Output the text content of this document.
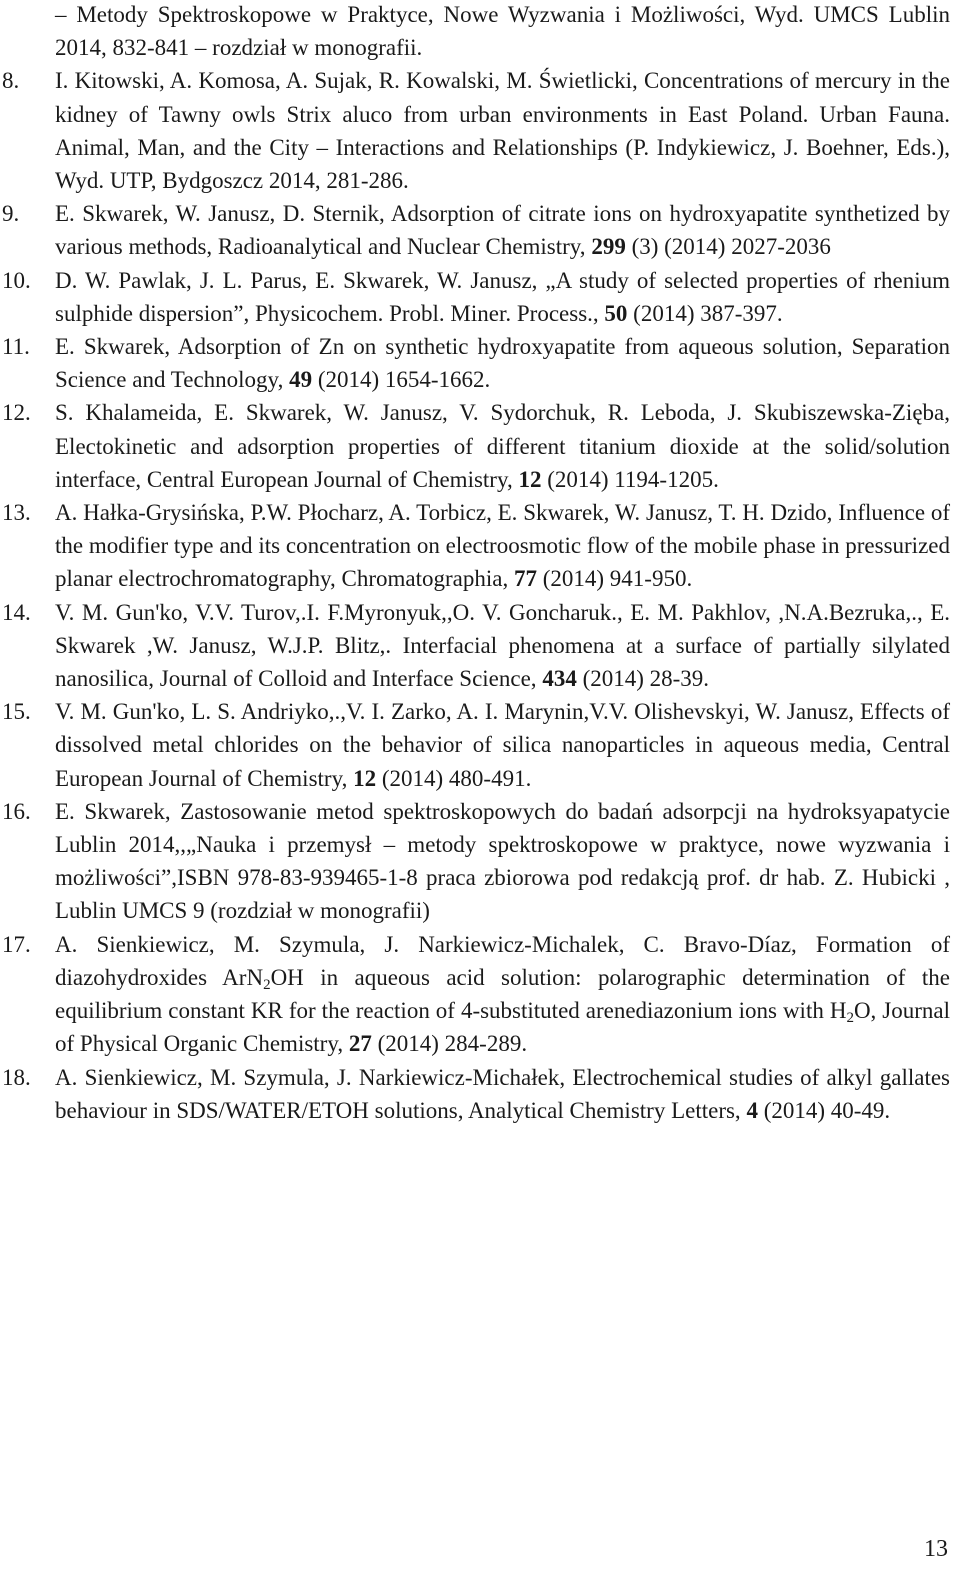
– Metody Spektroskopowe w Praktyce, Nowe Wyzwania i Możliwości, Wyd. UMCS Lublin 2014, 832-841 – rozdział w monografii.
8.	I. Kitowski, A. Komosa, A. Sujak, R. Kowalski, M. Świetlicki, Concentrations of mercury in the kidney of Tawny owls Strix aluco from urban environments in East Poland. Urban Fauna. Animal, Man, and the City – Interactions and Relationships (P. Indykiewicz, J. Boehner, Eds.), Wyd. UTP, Bydgoszcz 2014, 281-286.
9.	E. Skwarek, W. Janusz, D. Sternik, Adsorption of citrate ions on hydroxyapatite synthetized by various methods, Radioanalytical and Nuclear Chemistry, 299 (3) (2014) 2027-2036
10.	D. W. Pawlak, J. L. Parus, E. Skwarek, W. Janusz, „A study of selected properties of rhenium sulphide dispersion”, Physicochem. Probl. Miner. Process., 50 (2014) 387-397.
11.	E. Skwarek, Adsorption of Zn on synthetic hydroxyapatite from aqueous solution, Separation Science and Technology, 49 (2014) 1654-1662.
12.	S. Khalameida, E. Skwarek, W. Janusz, V. Sydorchuk, R. Leboda, J. Skubiszewska-Zięba, Electokinetic and adsorption properties of different titanium dioxide at the solid/solution interface, Central European Journal of Chemistry, 12 (2014) 1194-1205.
13.	A. Hałka-Grysińska, P.W. Płocharz, A. Torbicz, E. Skwarek, W. Janusz, T. H. Dzido, Influence of the modifier type and its concentration on electroosmotic flow of the mobile phase in pressurized planar electrochromatography, Chromatographia, 77 (2014) 941-950.
14.	V. M. Gun'ko, V.V. Turov,.I. F.Myronyuk,,O. V. Goncharuk., E. M. Pakhlov, ,N.A.Bezruka,., E. Skwarek ,W. Janusz, W.J.P. Blitz,. Interfacial phenomena at a surface of partially silylated nanosilica, Journal of Colloid and Interface Science, 434 (2014) 28-39.
15.	V. M. Gun'ko, L. S. Andriyko,.,V. I. Zarko, A. I. Marynin,V.V. Olishevskyi, W. Janusz, Effects of dissolved metal chlorides on the behavior of silica nanoparticles in aqueous media, Central European Journal of Chemistry, 12 (2014) 480-491.
16.	E. Skwarek, Zastosowanie metod spektroskopowych do badań adsorpcji na hydroksyapatycie Lublin 2014,,„Nauka i przemysł – metody spektroskopowe w praktyce, nowe wyzwania i możliwości”,ISBN 978-83-939465-1-8 praca zbiorowa pod redakcją prof. dr hab. Z. Hubicki , Lublin UMCS 9 (rozdział w monografii)
17.	A. Sienkiewicz, M. Szymula, J. Narkiewicz-Michalek, C. Bravo-Díaz, Formation of diazohydroxides ArN$_2$OH in aqueous acid solution: polarographic determination of the equilibrium constant KR for the reaction of 4-substituted arenediazonium ions with $H_2O$, Journal of Physical Organic Chemistry, 27 (2014) 284-289.
18.	A. Sienkiewicz, M. Szymula, J. Narkiewicz-Michałek, Electrochemical studies of alkyl gallates behaviour in SDS/WATER/ETOH solutions, Analytical Chemistry Letters, 4 (2014) 40-49.
13
